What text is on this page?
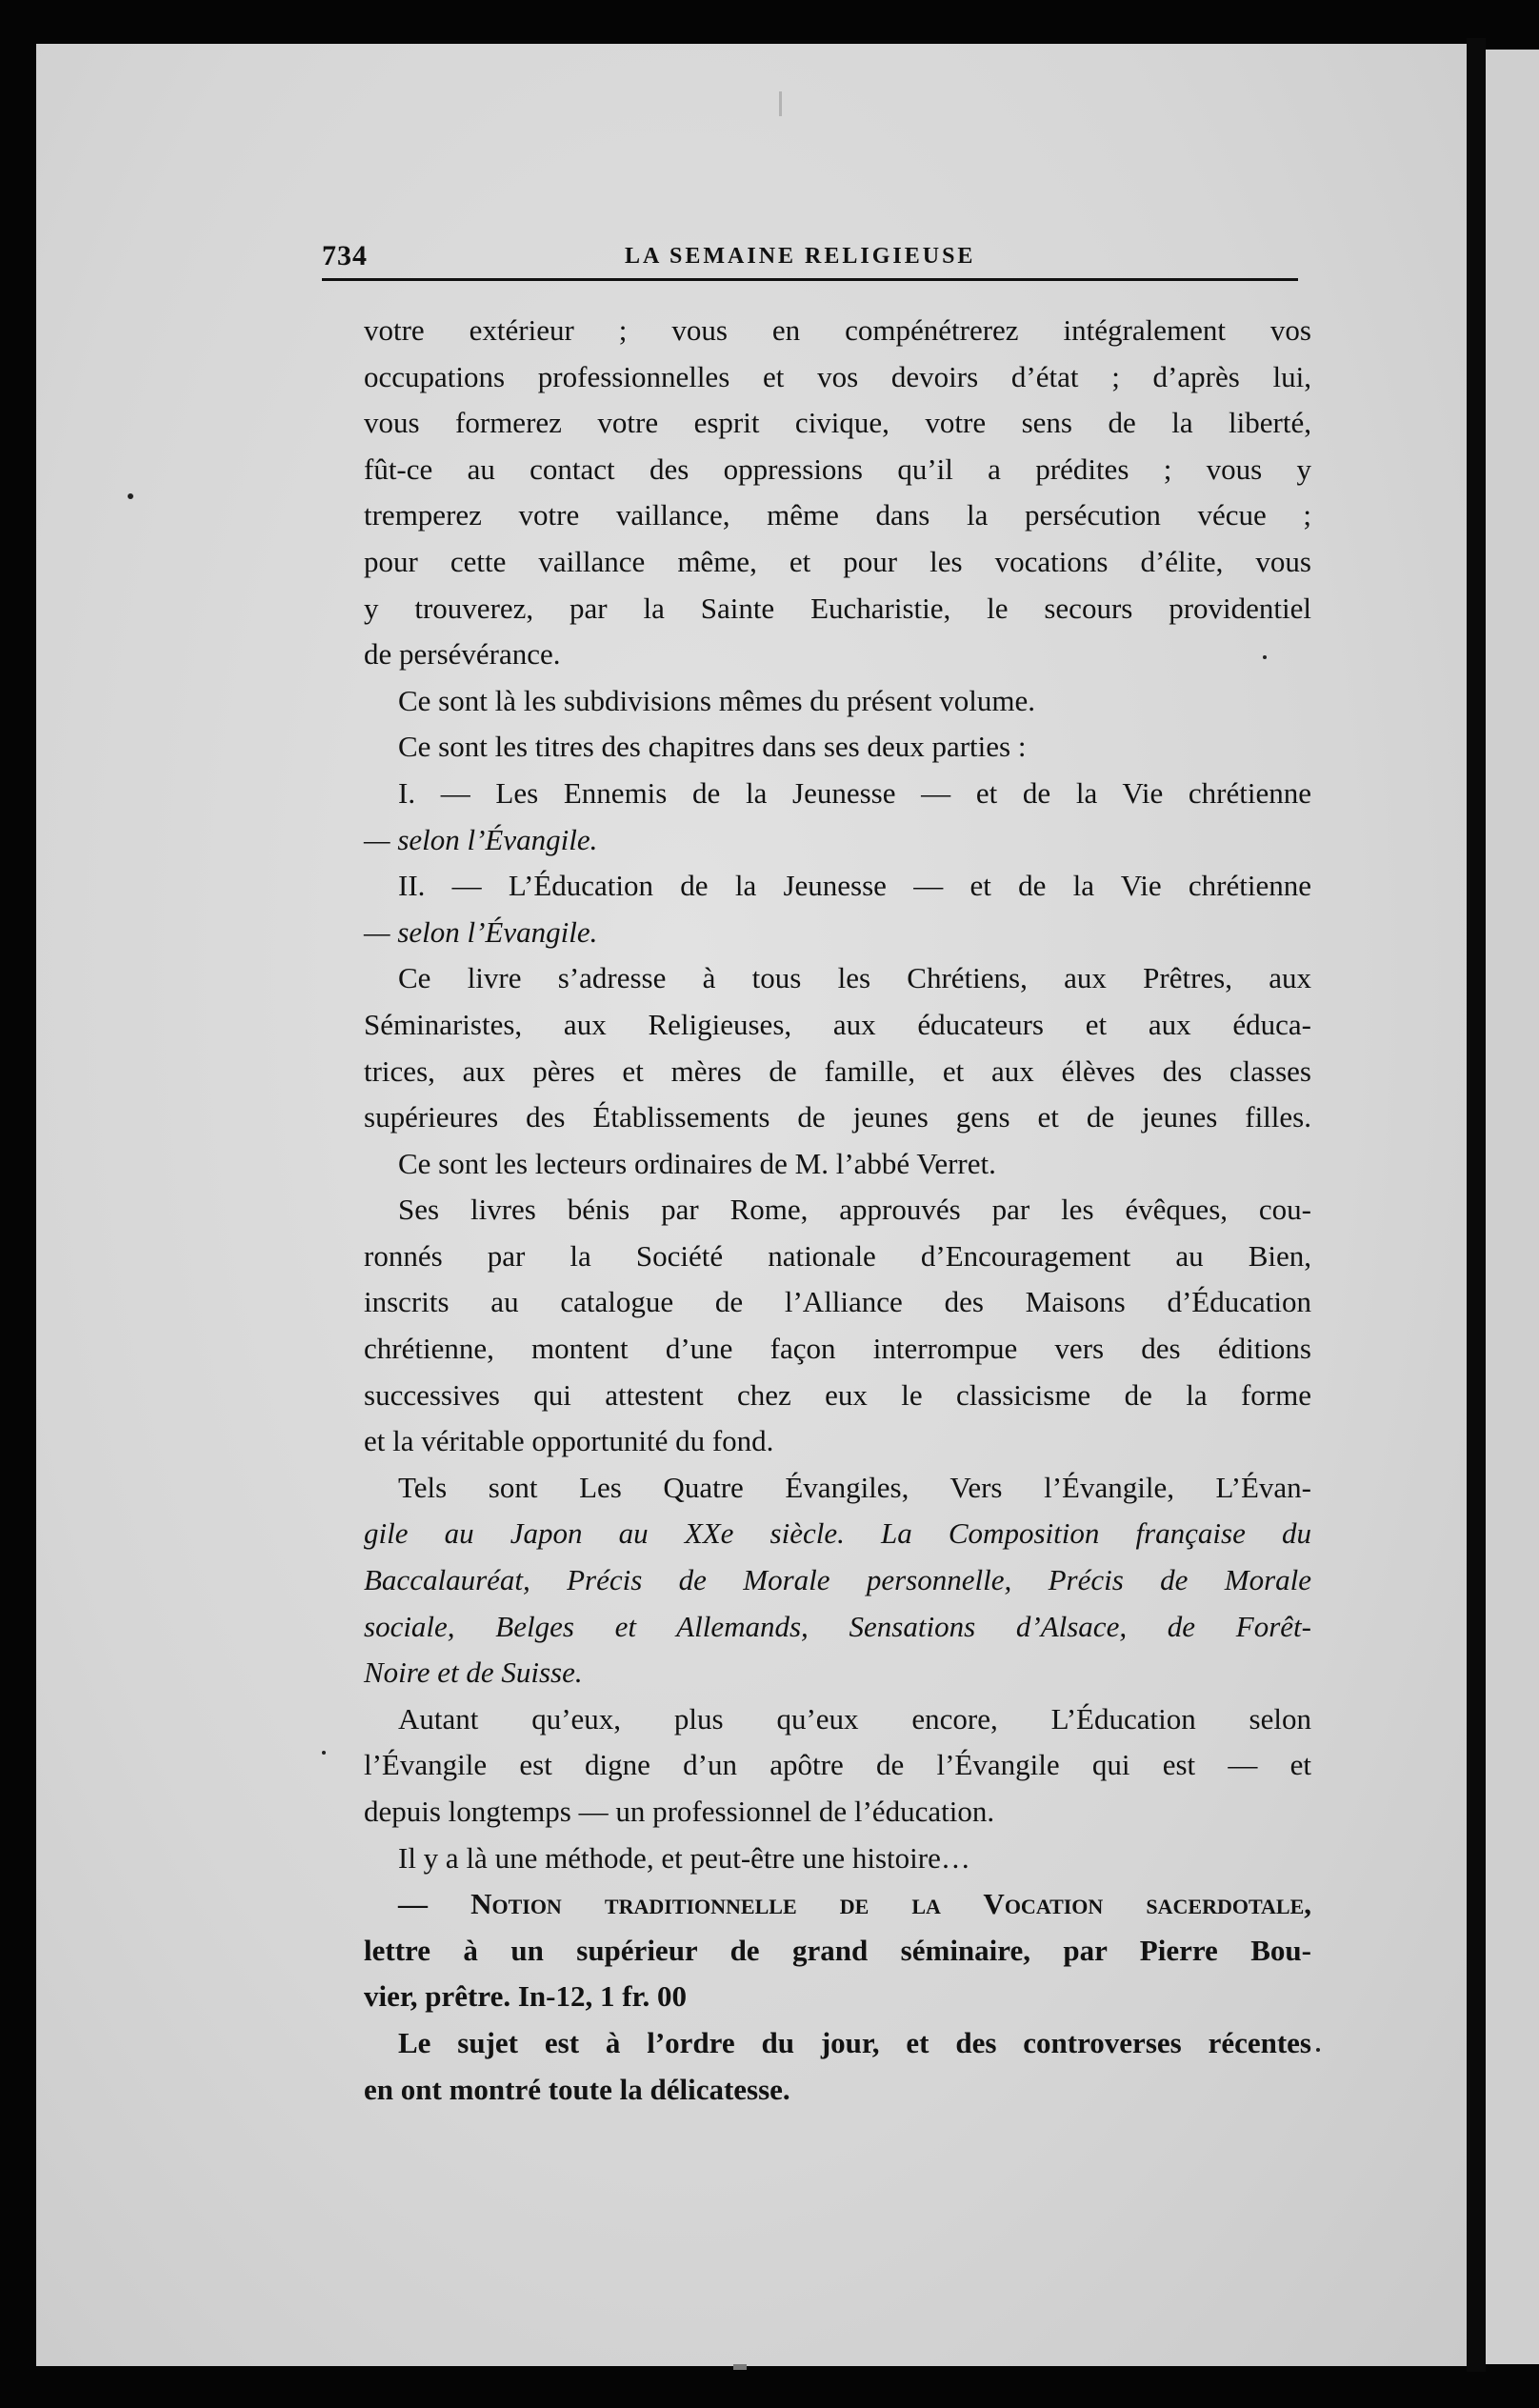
734	LA SEMAINE RELIGIEUSE
votre extérieur ; vous en compénétrerez intégralement vos
occupations professionnelles et vos devoirs d’état ; d’après lui,
vous formerez votre esprit civique, votre sens de la liberté,
fût-ce au contact des oppressions qu’il a prédites ; vous y
tremperez votre vaillance, même dans la persécution vécue ;
pour cette vaillance même, et pour les vocations d’élite, vous
y trouverez, par la Sainte Eucharistie, le secours providentiel
de persévérance.
Ce sont là les subdivisions mêmes du présent volume.
Ce sont les titres des chapitres dans ses deux parties :
I. — Les Ennemis de la Jeunesse — et de la Vie chrétienne
— selon l’Évangile.
II. — L’Éducation de la Jeunesse — et de la Vie chrétienne
— selon l’Évangile.
Ce livre s’adresse à tous les Chrétiens, aux Prêtres, aux
Séminaristes, aux Religieuses, aux éducateurs et aux éduca-
trices, aux pères et mères de famille, et aux élèves des classes
supérieures des Établissements de jeunes gens et de jeunes filles.
Ce sont les lecteurs ordinaires de M. l’abbé Verret.
Ses livres bénis par Rome, approuvés par les évêques, cou-
ronnés par la Société nationale d’Encouragement au Bien,
inscrits au catalogue de l’Alliance des Maisons d’Éducation
chrétienne, montent d’une façon interrompue vers des éditions
successives qui attestent chez eux le classicisme de la forme
et la véritable opportunité du fond.
Tels sont Les Quatre Évangiles, Vers l’Évangile, L’Évan-
gile au Japon au XXe siècle. La Composition française du
Baccalauréat, Précis de Morale personnelle, Précis de Morale
sociale, Belges et Allemands, Sensations d’Alsace, de Forêt-
Noire et de Suisse.
Autant qu’eux, plus qu’eux encore, L’Éducation selon
l’Évangile est digne d’un apôtre de l’Évangile qui est — et
depuis longtemps — un professionnel de l’éducation.
Il y a là une méthode, et peut-être une histoire…
— Notion traditionnelle de la Vocation sacerdotale,
lettre à un supérieur de grand séminaire, par Pierre Bou-
vier, prêtre. In-12, 1 fr. 00
Le sujet est à l’ordre du jour, et des controverses récentes
en ont montré toute la délicatesse.
